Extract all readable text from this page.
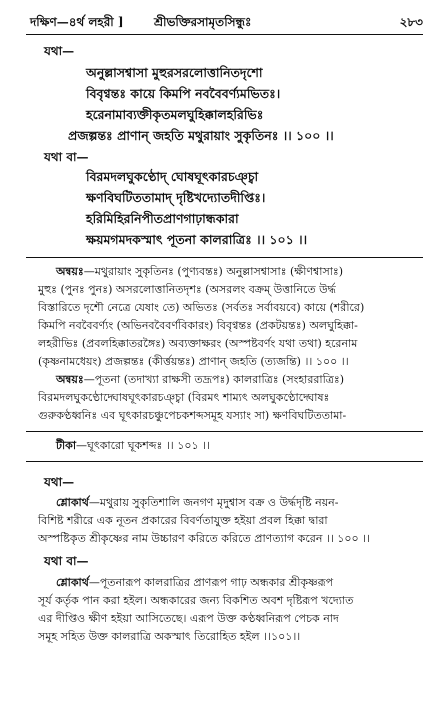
দক্ষিণ—৪র্থ লহরী ]	শ্রীভক্তিরসামৃতসিন্ধুঃ	২৮৩
যথা—
অনুল্লাসশ্বাসা মুহুরসরলোত্তানিতদৃশো
বিবৃণ্বন্তঃ কায়ে কিমপি নববৈবর্ণ্যমভিতঃ।
হরেনামাব্যক্তীকৃতমলঘুহিক্কালহরিভিঃ
প্রজল্পন্তঃ প্রাণান্ জহতি মথুরায়াং সুকৃতিনঃ ।। ১০০ ।।
যথা বা—
বিরমদলঘুকণ্ঠোদ্ ঘোষঘূৎকারচঞ্চ্বা
ক্ষণবিঘটিততামাদ্ দৃষ্টিখদ্যোতদীপ্তিঃ।
হরিমিহিরনিপীতপ্রাণগাঢ়ান্ধকারা
ক্ষয়মগমদকস্মাৎ পূতনা কালরাত্রিঃ ।। ১০১ ।।
অন্বয়ঃ—মথুরায়াং সুকৃতিনঃ (পুণ্যবন্তঃ) অনুল্লাসশ্বাসাঃ (ক্ষীণশ্বাসাঃ)
মুহুঃ (পুনঃ পুনঃ) অসরলোত্তানিতদৃশঃ (অসরলং বক্রম্ উত্তানিতে উর্দ্ধ
বিস্তারিতে দৃশৌ নেত্রে যেষাং তে) অভিতঃ (সর্বতঃ সর্বাবয়বে) কায়ে (শরীরে)
কিমপি নববৈবর্ণ্যং (অভিনববৈবর্ণবিকারং) বিবৃণ্বন্তঃ (প্রকটয়ন্তঃ) অলঘুহিক্কা-
লহরীভিঃ (প্রবলহিক্কাতরঙ্গৈঃ) অব্যক্তাক্ষরং (অস্পষ্টবর্ণং যথা তথা) হরেনাম
(কৃষ্ণনামধেয়ং) প্রজল্পন্তঃ (কীর্ত্তয়ন্তঃ) প্রাণান্ জহতি (ত্যজন্তি) ।। ১০০ ।।
অন্বয়ঃ—পূতনা (তদাখ্যা রাক্ষসী তদ্রূপঃ) কালরাত্রিঃ (সংহাররাত্রিঃ)
বিরমদলঘুকণ্ঠোদ্ঘোষঘূৎকারচঞ্চ্বা (বিরমৎ শাম্যৎ অলঘুকণ্ঠোদ্ঘোষঃ
গুরুকণ্ঠধ্বনিঃ এব ঘূৎকারচঞ্চুপেচকশব্দসমূহ যস্যাং সা) ক্ষণবিঘটিততামা-
টীকা—ঘূৎকারো ঘূকশব্দঃ ।। ১০১ ।।
যথা—
শ্লোকার্থ—মথুরায় সুকৃতিশালি জনগণ মৃদুশ্বাস বক্র ও উর্দ্ধদৃষ্টি নয়ন-
বিশিষ্ট শরীরে এক নূতন প্রকারের বিবর্ণতাযুক্ত হইয়া প্রবল হিক্কা দ্বারা
অস্পষ্টিকৃত শ্রীকৃষ্ণের নাম উচ্চারণ করিতে করিতে প্রাণত্যাগ করেন ।। ১০০ ।।
যথা বা—
শ্লোকার্থ—পূতনারূপ কালরাত্রির প্রাণরূপ গাঢ় অন্ধকার শ্রীকৃষ্ণরূপ
সূর্য কর্তৃক পান করা হইল। অন্ধকারের জন্য বিকশিত অবশ দৃষ্টিরূপ খদ্যোত
এর দীপ্তিও ক্ষীণ হইয়া আসিতেছে। এরূপ উক্ত কণ্ঠধ্বনিরূপ পেচক নাদ
সমূহ সহিত উক্ত কালরাত্রি অকস্মাৎ তিরোহিত হইল ।।১০১।।
